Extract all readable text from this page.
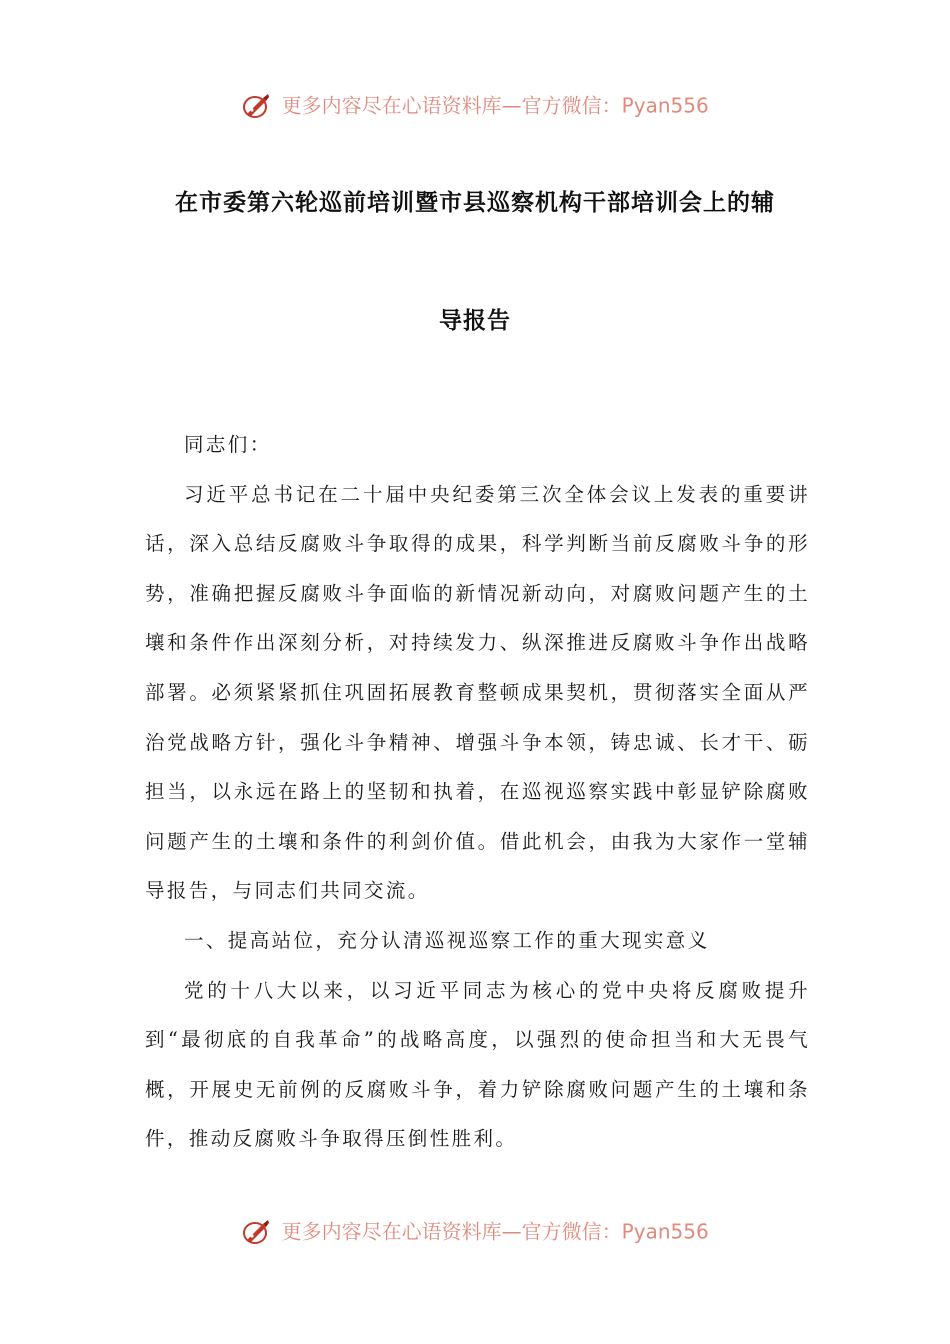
更多内容尽在心语资料库—官方微信：Pyan556
在市委第六轮巡前培训暨市县巡察机构干部培训会上的辅
导报告

同志们：

习近平总书记在二十届中央纪委第三次全体会议上发表的重要讲话，深入总结反腐败斗争取得的成果，科学判断当前反腐败斗争的形势，准确把握反腐败斗争面临的新情况新动向，对腐败问题产生的土壤和条件作出深刻分析，对持续发力、纵深推进反腐败斗争作出战略部署。必须紧紧抓住巩固拓展教育整顿成果契机，贯彻落实全面从严治党战略方针，强化斗争精神、增强斗争本领，铸忠诚、长才干、砺担当，以永远在路上的坚韧和执着，在巡视巡察实践中彰显铲除腐败问题产生的土壤和条件的利剑价值。借此机会，由我为大家作一堂辅导报告，与同志们共同交流。

一、提高站位，充分认清巡视巡察工作的重大现实意义

党的十八大以来，以习近平同志为核心的党中央将反腐败提升到“最彻底的自我革命”的战略高度，以强烈的使命担当和大无畏气概，开展史无前例的反腐败斗争，着力铲除腐败问题产生的土壤和条件，推动反腐败斗争取得压倒性胜利。

更多内容尽在心语资料库—官方微信：Pyan556
